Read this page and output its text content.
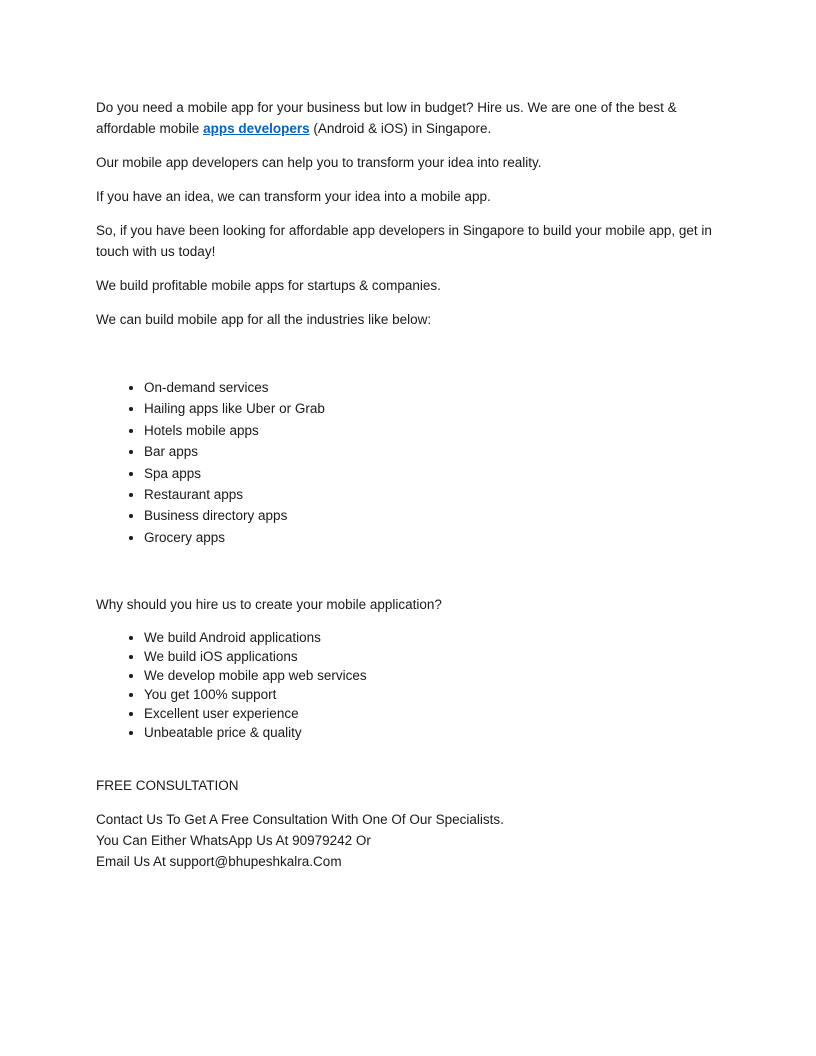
Do you need a mobile app for your business but low in budget? Hire us. We are one of the best & affordable mobile apps developers (Android & iOS) in Singapore.

Our mobile app developers can help you to transform your idea into reality.

If you have an idea, we can transform your idea into a mobile app.

So, if you have been looking for affordable app developers in Singapore to build your mobile app, get in touch with us today!

We build profitable mobile apps for startups & companies.

We can build mobile app for all the industries like below:

• On-demand services
• Hailing apps like Uber or Grab
• Hotels mobile apps
• Bar apps
• Spa apps
• Restaurant apps
• Business directory apps
• Grocery apps

Why should you hire us to create your mobile application?

• We build Android applications
• We build iOS applications
• We develop mobile app web services
• You get 100% support
• Excellent user experience
• Unbeatable price & quality

FREE CONSULTATION

Contact Us To Get A Free Consultation With One Of Our Specialists.
You Can Either WhatsApp Us At 90979242 Or
Email Us At support@bhupeshkalra.Com
